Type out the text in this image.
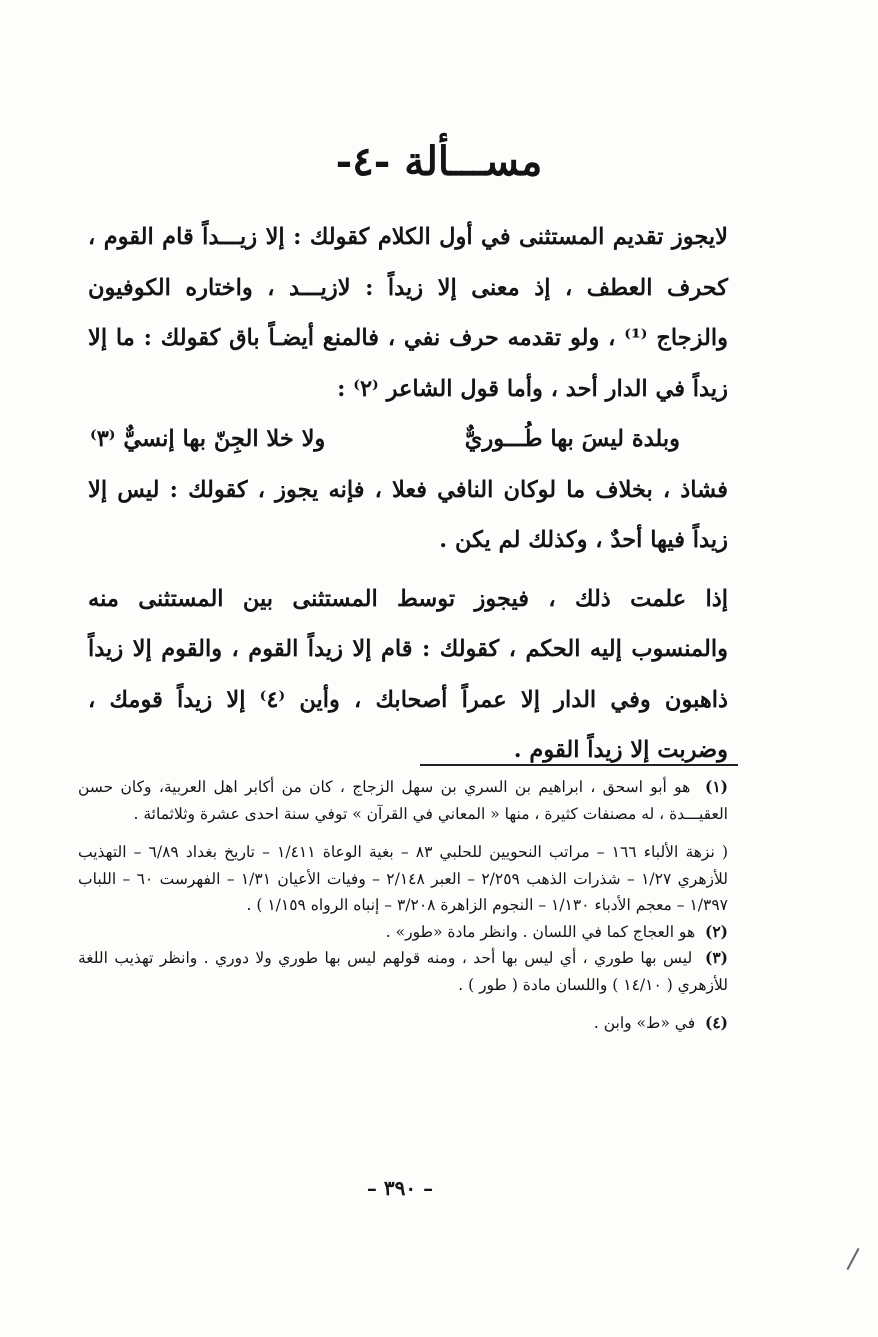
مســـألة -٤-

لايجوز تقديم المستثنى في أول الكلام كقولك : إلا زيـــداً قام القوم ، كحرف العطف ، إذ معنى إلا زيداً : لازيـــد ، واختاره الكوفيون والزجاج ⁽¹⁾ ، ولو تقدمه حرف نفي ، فالمنع أيضـاً باق كقولك : ما إلا زيداً في الدار أحد ، وأما قول الشاعر ⁽٢⁾ :

وبلدة ليسَ بها طُـــوريٌّ
ولا خلا الجِنّ بها إنسيٌّ ⁽٣⁾

فشاذ ، بخلاف ما لوكان النافي فعلا ، فإنه يجوز ، كقولك : ليس إلا زيداً فيها أحدٌ ، وكذلك لم يكن .

إذا علمت ذلك ، فيجوز توسط المستثنى بين المستثنى منه والمنسوب إليه الحكم ، كقولك : قام إلا زيداً القوم ، والقوم إلا زيداً ذاهبون وفي الدار إلا عمراً أصحابك ، وأين ⁽٤⁾ إلا زيداً قومك ، وضربت إلا زيداً القوم .

(١)  هو أبو اسحق ، ابراهيم بن السري بن سهل الزجاج ، كان من أكابر اهل العربية، وكان حسن العقيـــدة ، له مصنفات كثيرة ، منها « المعاني في القرآن » توفي سنة احدى عشرة وثلاثمائة .

( نزهة الألباء ١٦٦ – مراتب النحويين للحلبي ٨٣ – بغية الوعاة ١/٤١١ – تاريخ بغداد ٦/٨٩ – التهذيب للأزهري ١/٢٧ – شذرات الذهب ٢/٢٥٩ – العبر ٢/١٤٨ – وفيات الأعيان ١/٣١ – الفهرست ٦٠ – اللباب ١/٣٩٧ – معجم الأدباء ١/١٣٠ – النجوم الزاهرة ٣/٢٠٨ – إنباه الرواه ١/١٥٩ ) .

(٢)  هو العجاج كما في اللسان . وانظر مادة «طور» .

(٣)  ليس بها طوري ، أي ليس بها أحد ، ومنه قولهم ليس بها طوري ولا دوري . وانظر تهذيب اللغة للأزهري ( ١٤/١٠ ) واللسان مادة ( طور ) .

(٤)  في «ط» وابن .

– ٣٩٠ –
